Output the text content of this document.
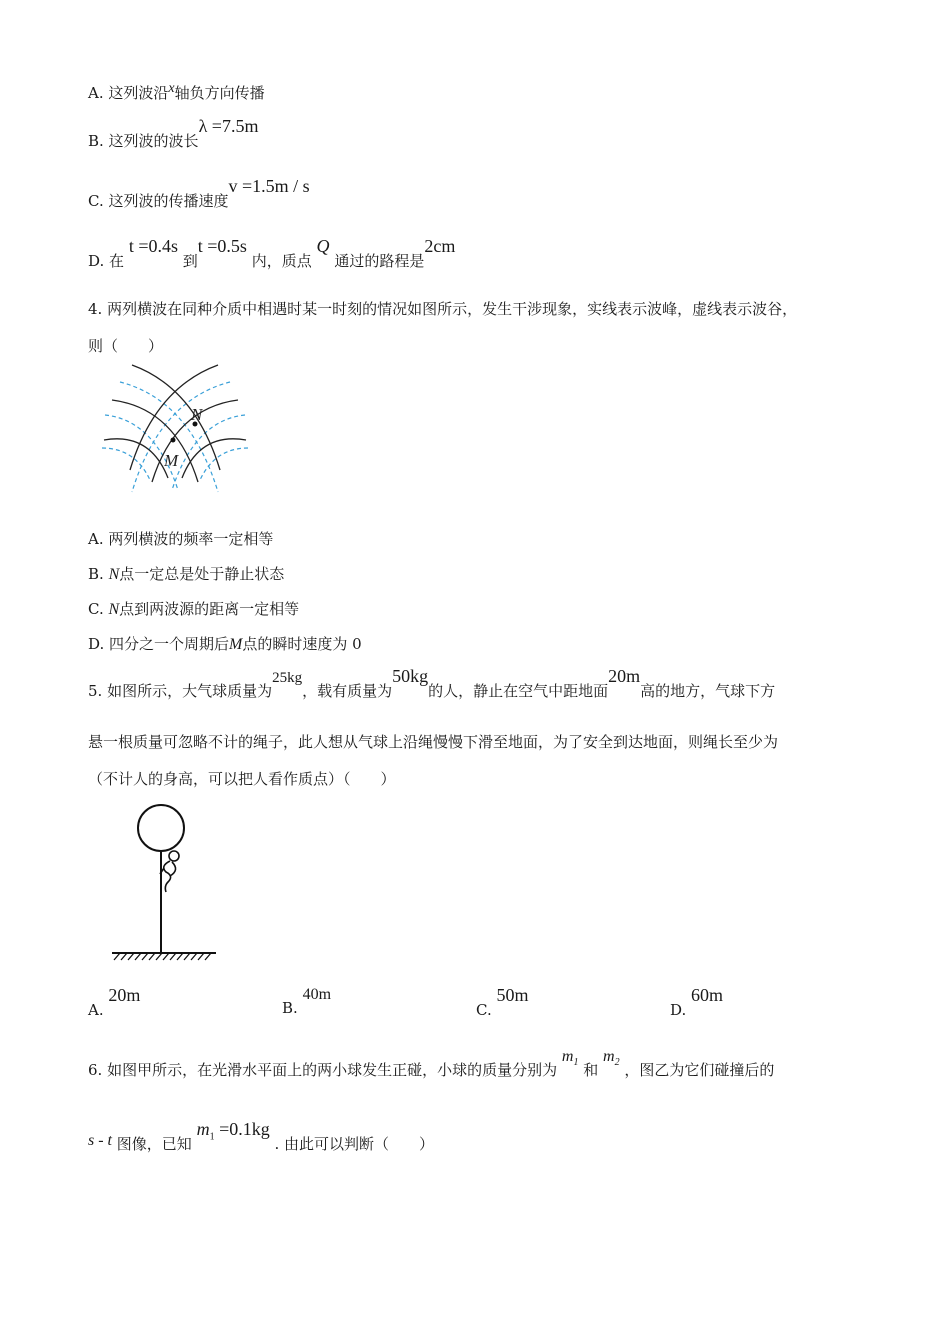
A. 这列波沿x轴负方向传播
B. 这列波的波长λ =7.5m
C. 这列波的传播速度v =1.5m / s
D. 在 t =0.4s 到t =0.5s 内，质点 Q 通过的路程是2cm
4. 两列横波在同种介质中相遇时某一时刻的情况如图所示，发生干涉现象，实线表示波峰，虚线表示波谷，
则（　　）
N
M
A. 两列横波的频率一定相等
B. N点一定总是处于静止状态
C. N点到两波源的距离一定相等
D. 四分之一个周期后M点的瞬时速度为 0
5. 如图所示，大气球质量为25kg，载有质量为50kg的人，静止在空气中距地面20m高的地方，气球下方
悬一根质量可忽略不计的绳子，此人想从气球上沿绳慢慢下滑至地面，为了安全到达地面，则绳长至少为
（不计人的身高，可以把人看作质点）（　　）
A. 20m
B. 40m
C. 50m
D. 60m
6. 如图甲所示，在光滑水平面上的两小球发生正碰，小球的质量分别为 $m_1$ 和 $m_2$ ，图乙为它们碰撞后的
s - t 图像，已知 $m_1 =0.1kg$ . 由此可以判断（　　）
